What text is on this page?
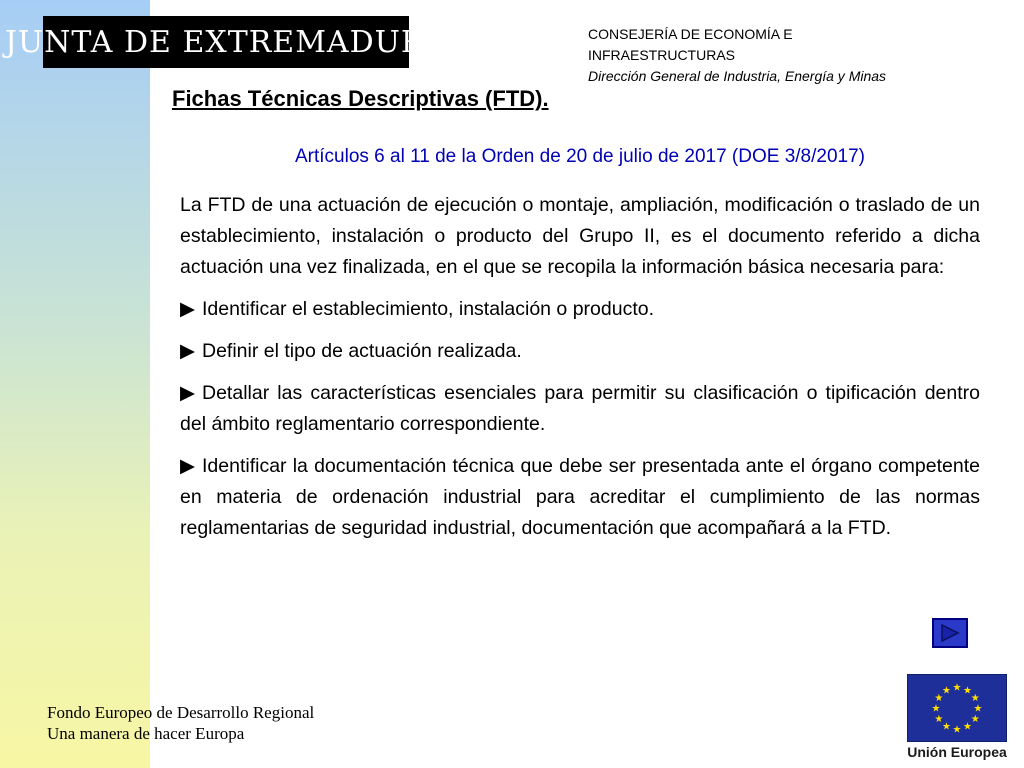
JUNTA DE EXTREMADURA	CONSEJERÍA DE ECONOMÍA E
INFRAESTRUCTURAS
Dirección General de Industria, Energía y Minas
Fichas Técnicas Descriptivas (FTD).
Artículos 6 al 11 de la Orden de 20 de julio de 2017 (DOE 3/8/2017)

La FTD de una actuación de ejecución o montaje, ampliación, modificación o traslado de un establecimiento, instalación o producto del Grupo II, es el documento referido a dicha actuación una vez finalizada, en el que se recopila la información básica necesaria para:

▶ Identificar el establecimiento, instalación o producto.

▶ Definir el tipo de actuación realizada.

▶ Detallar las características esenciales para permitir su clasificación o tipificación dentro del ámbito reglamentario correspondiente.

▶ Identificar la documentación técnica que debe ser presentada ante el órgano competente en materia de ordenación industrial para acreditar el cumplimiento de las normas reglamentarias de seguridad industrial, documentación que acompañará a la FTD.

Fondo Europeo de Desarrollo Regional
Una manera de hacer Europa
★ ★
★
★
★
★
★
★
★
★
★
★
Unión Europea
